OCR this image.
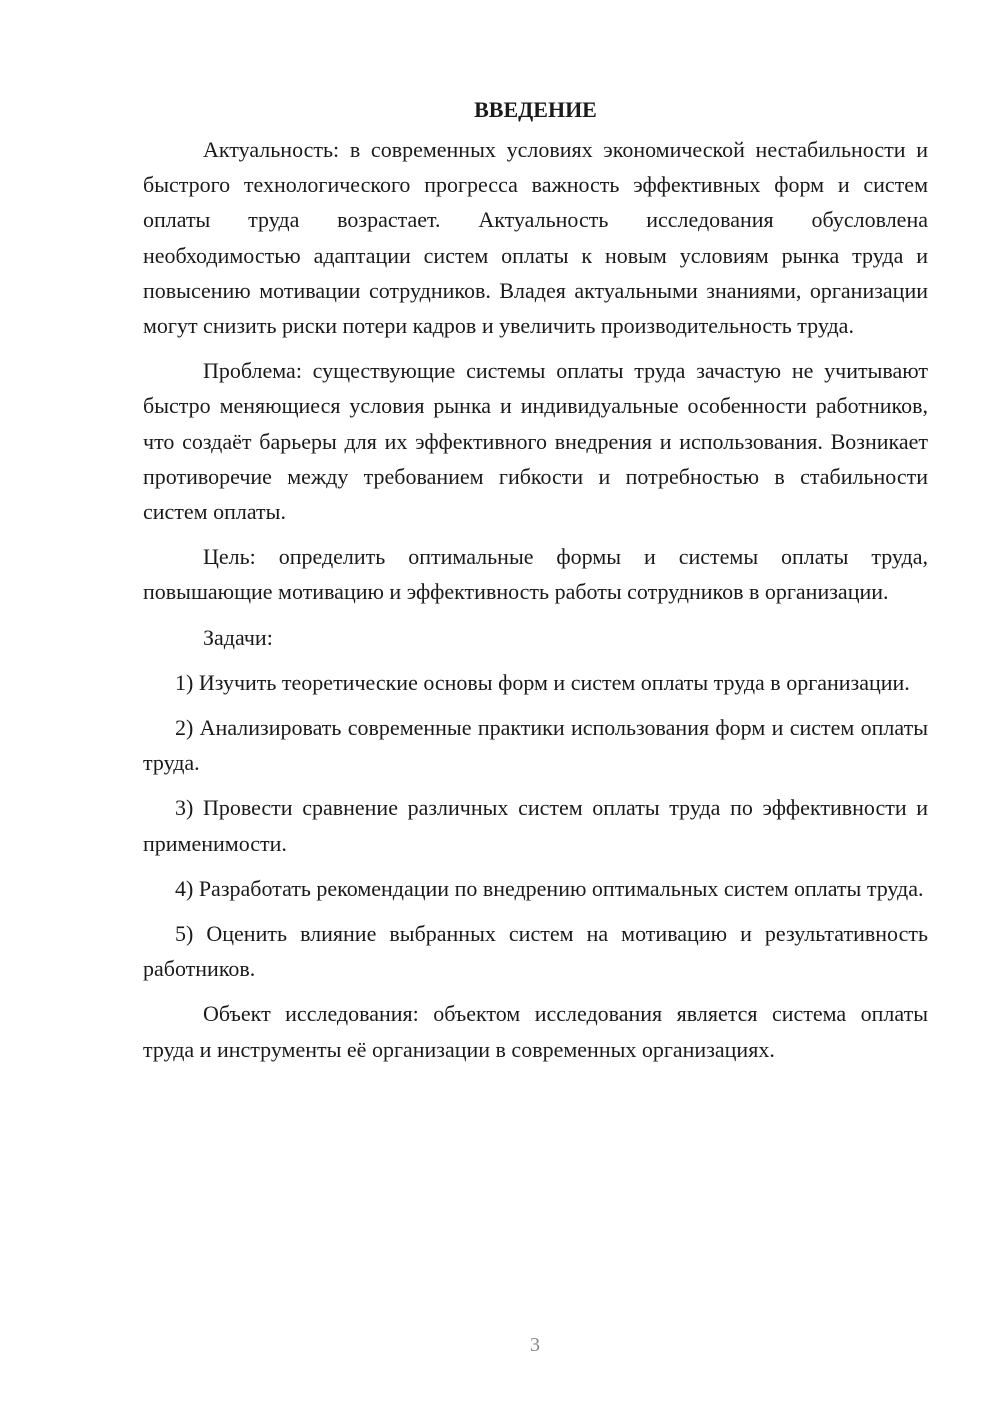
ВВЕДЕНИЕ

Актуальность: в современных условиях экономической нестабильности и быстрого технологического прогресса важность эффективных форм и систем оплаты труда возрастает. Актуальность исследования обусловлена необходимостью адаптации систем оплаты к новым условиям рынка труда и повысению мотивации сотрудников. Владея актуальными знаниями, организации могут снизить риски потери кадров и увеличить производительность труда.

Проблема: существующие системы оплаты труда зачастую не учитывают быстро меняющиеся условия рынка и индивидуальные особенности работников, что создаёт барьеры для их эффективного внедрения и использования. Возникает противоречие между требованием гибкости и потребностью в стабильности систем оплаты.

Цель: определить оптимальные формы и системы оплаты труда, повышающие мотивацию и эффективность работы сотрудников в организации.

Задачи:

1) Изучить теоретические основы форм и систем оплаты труда в организации.

2) Анализировать современные практики использования форм и систем оплаты труда.

3) Провести сравнение различных систем оплаты труда по эффективности и применимости.

4) Разработать рекомендации по внедрению оптимальных систем оплаты труда.

5) Оценить влияние выбранных систем на мотивацию и результативность работников.

Объект исследования: объектом исследования является система оплаты труда и инструменты её организации в современных организациях.

3
